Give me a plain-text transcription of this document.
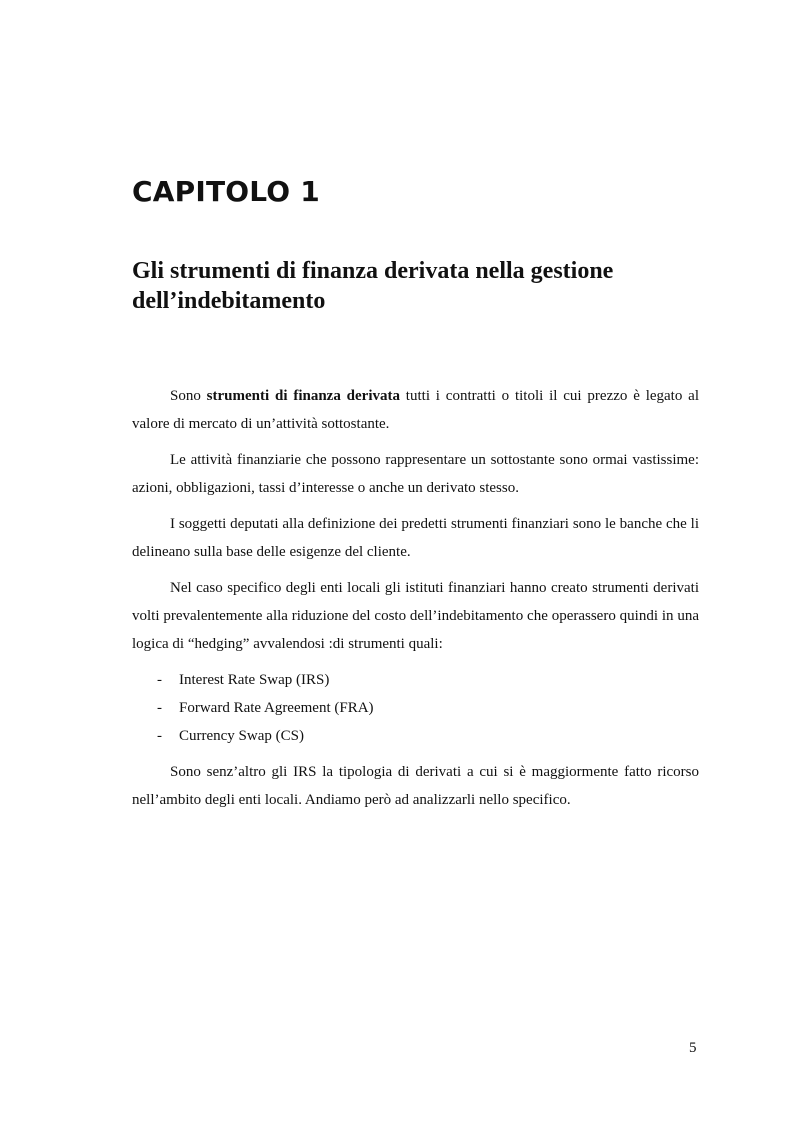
CAPITOLO 1
Gli strumenti di finanza derivata nella gestione
dell’indebitamento

Sono strumenti di finanza derivata tutti i contratti o titoli il cui prezzo è legato al valore di mercato di un’attività sottostante.

Le attività finanziarie che possono rappresentare un sottostante sono ormai vastissime: azioni, obbligazioni, tassi d’interesse o anche un derivato stesso.

I soggetti deputati alla definizione dei predetti strumenti finanziari sono le banche che li delineano sulla base delle esigenze del cliente.

Nel caso specifico degli enti locali gli istituti finanziari hanno creato strumenti derivati volti prevalentemente alla riduzione del costo dell’indebitamento che operassero quindi in una logica di “hedging” avvalendosi :di strumenti quali:

- Interest Rate Swap (IRS)
- Forward Rate Agreement (FRA)
- Currency Swap (CS)

Sono senz’altro gli IRS la tipologia di derivati a cui si è maggiormente fatto ricorso nell’ambito degli enti locali. Andiamo però ad analizzarli nello specifico.

5
